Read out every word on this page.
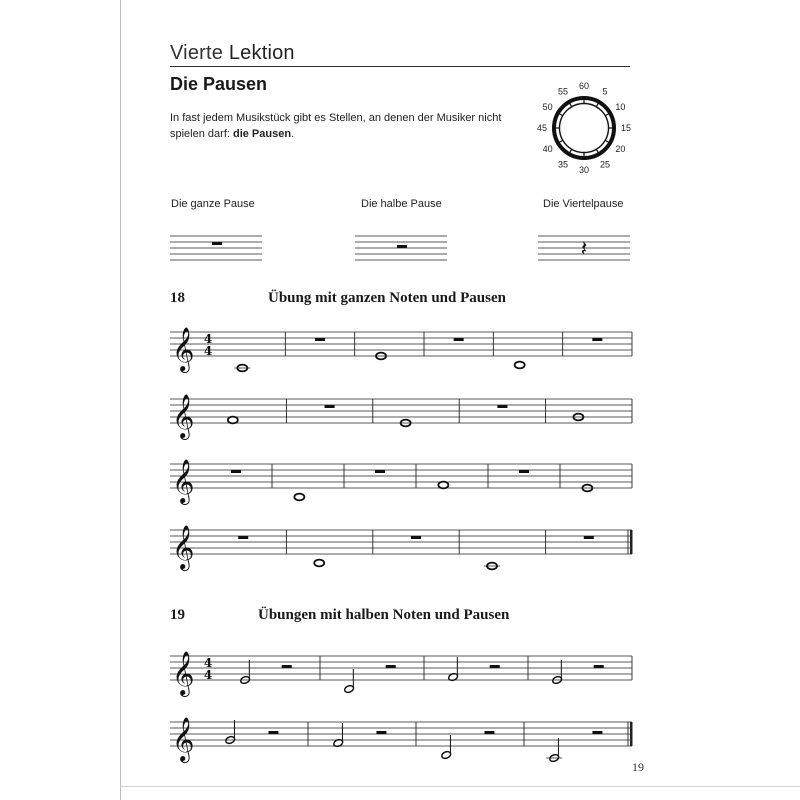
Vierte Lektion
Die Pausen
In fast jedem Musikstück gibt es Stellen, an denen der Musiker nicht spielen darf: die Pausen.
60
5
10
15
20
25
30
35
40
45
50
55
Die ganze Pause	Die halbe Pause	Die Viertelpause
𝄽
18	Übung mit ganzen Noten und Pausen
𝄞 4
4
𝄞
𝄞
𝄞
19	Übungen mit halben Noten und Pausen
𝄞 4
4
𝄞
19
